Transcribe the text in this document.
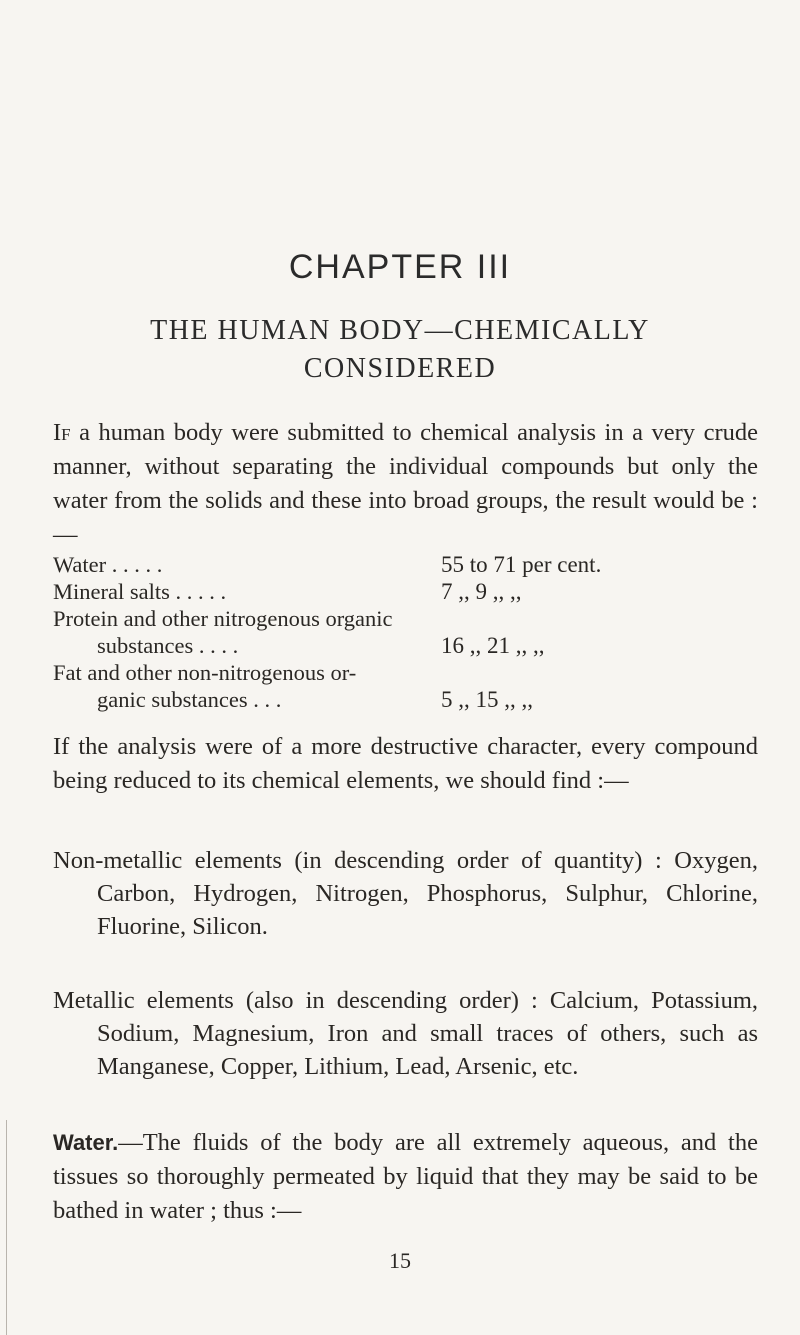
CHAPTER III
THE HUMAN BODY—CHEMICALLY
CONSIDERED

If a human body were submitted to chemical analysis in a very crude manner, without separating the individual compounds but only the water from the solids and these into broad groups, the result would be :—

Water . . . . .	55 to 71 per cent.
Mineral salts . . . . .	7 ,, 9 ,, ,,
Protein and other nitrogenous organic
substances . . . .	16 ,, 21 ,, ,,
Fat and other non-nitrogenous or-
ganic substances . . .	5 ,, 15 ,, ,,

If the analysis were of a more destructive character, every compound being reduced to its chemical elements, we should find :—

Non-metallic elements (in descending order of quantity) : Oxygen, Carbon, Hydrogen, Nitrogen, Phosphorus, Sulphur, Chlorine, Fluorine, Silicon.

Metallic elements (also in descending order) : Calcium, Potassium, Sodium, Magnesium, Iron and small traces of others, such as Manganese, Copper, Lithium, Lead, Arsenic, etc.

Water.—The fluids of the body are all extremely aqueous, and the tissues so thoroughly permeated by liquid that they may be said to be bathed in water ; thus :—

15
